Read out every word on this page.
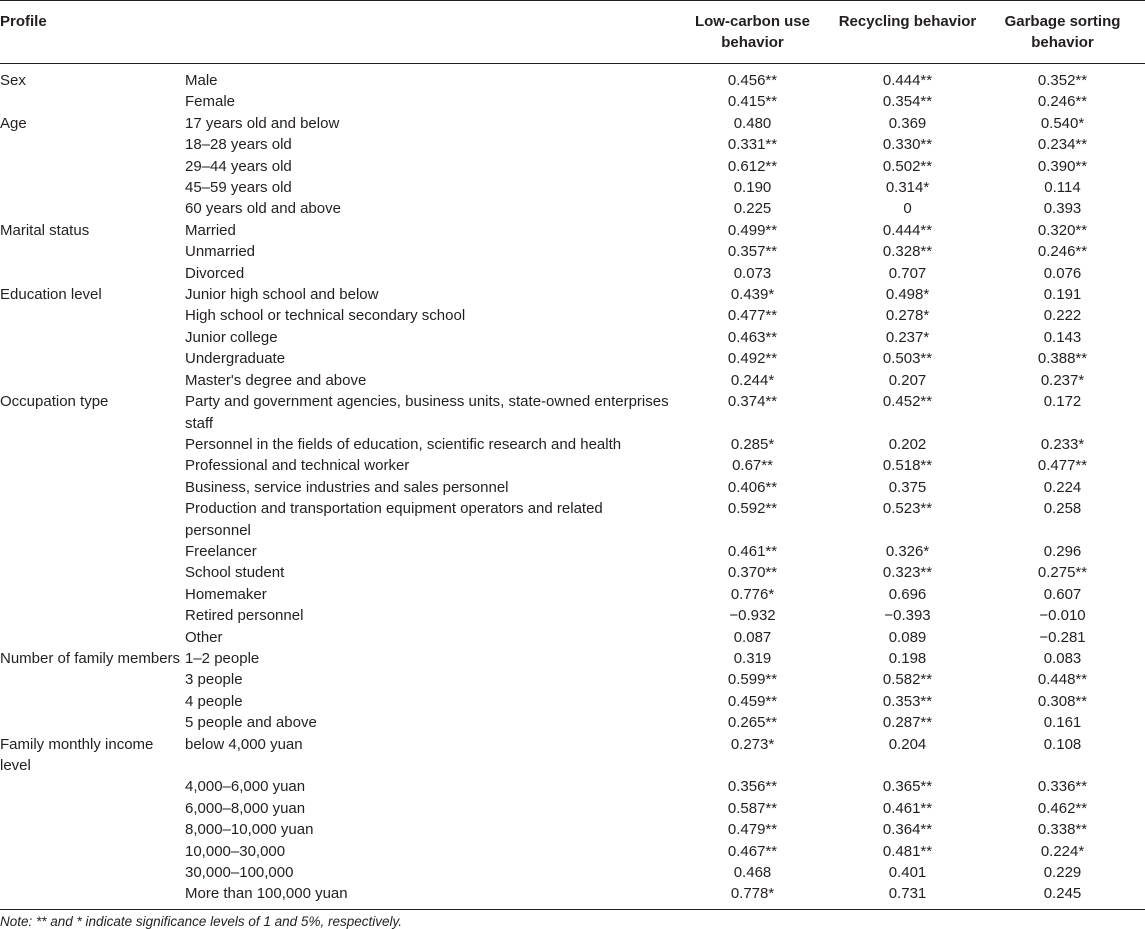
Profile		Low-carbon use behavior	Recycling behavior	Garbage sorting behavior
Sex	Male	0.456**	0.444**	0.352**
	Female	0.415**	0.354**	0.246**
Age	17 years old and below	0.480	0.369	0.540*
	18–28 years old	0.331**	0.330**	0.234**
	29–44 years old	0.612**	0.502**	0.390**
	45–59 years old	0.190	0.314*	0.114
	60 years old and above	0.225	0	0.393
Marital status	Married	0.499**	0.444**	0.320**
	Unmarried	0.357**	0.328**	0.246**
	Divorced	0.073	0.707	0.076
Education level	Junior high school and below	0.439*	0.498*	0.191
	High school or technical secondary school	0.477**	0.278*	0.222
	Junior college	0.463**	0.237*	0.143
	Undergraduate	0.492**	0.503**	0.388**
	Master's degree and above	0.244*	0.207	0.237*
Occupation type	Party and government agencies, business units, state-owned enterprises staff	0.374**	0.452**	0.172
	Personnel in the fields of education, scientific research and health	0.285*	0.202	0.233*
	Professional and technical worker	0.67**	0.518**	0.477**
	Business, service industries and sales personnel	0.406**	0.375	0.224
	Production and transportation equipment operators and related personnel	0.592**	0.523**	0.258
	Freelancer	0.461**	0.326*	0.296
	School student	0.370**	0.323**	0.275**
	Homemaker	0.776*	0.696	0.607
	Retired personnel	−0.932	−0.393	−0.010
	Other	0.087	0.089	−0.281
Number of family members	1–2 people	0.319	0.198	0.083
	3 people	0.599**	0.582**	0.448**
	4 people	0.459**	0.353**	0.308**
	5 people and above	0.265**	0.287**	0.161
Family monthly income level	below 4,000 yuan	0.273*	0.204	0.108
	4,000–6,000 yuan	0.356**	0.365**	0.336**
	6,000–8,000 yuan	0.587**	0.461**	0.462**
	8,000–10,000 yuan	0.479**	0.364**	0.338**
	10,000–30,000	0.467**	0.481**	0.224*
	30,000–100,000	0.468	0.401	0.229
	More than 100,000 yuan	0.778*	0.731	0.245
Note: ** and * indicate significance levels of 1 and 5%, respectively.
